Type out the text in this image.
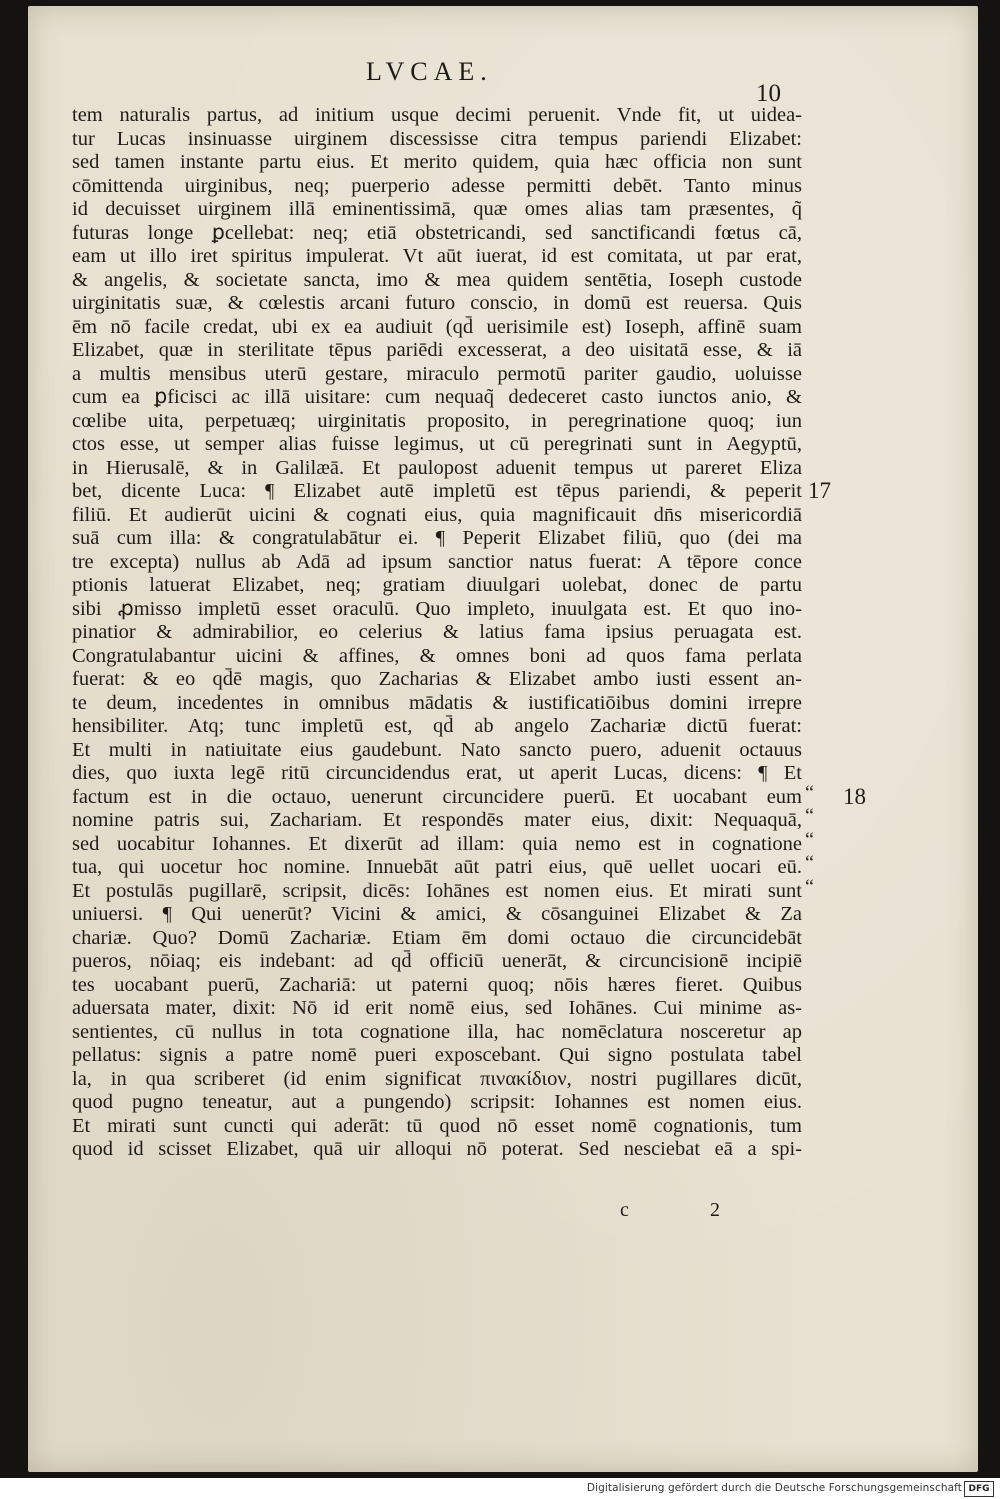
LVCAE.
10
tem naturalis partus, ad initium usque decimi peruenit. Vnde fit, ut uidea-
tur Lucas insinuasse uirginem discessisse citra tempus pariendi Elizabet:
sed tamen instante partu eius. Et merito quidem, quia hæc officia non sunt
cōmittenda uirginibus, neq; puerperio adesse permitti debēt. Tanto minus
id decuisset uirginem illā eminentissimā, quæ omes alias tam præsentes, q̃
futuras longe ꝑcellebat: neq; etiā obstetricandi, sed sanctificandi fœtus cā,
eam ut illo iret spiritus impulerat. Vt aūt iuerat, id est comitata, ut par erat,
& angelis, & societate sancta, imo & mea quidem sentētia, Ioseph custode
uirginitatis suæ, & cœlestis arcani futuro conscio, in domū est reuersa. Quis
ēm nō facile credat, ubi ex ea audiuit (qd̄ uerisimile est) Ioseph, affinē suam
Elizabet, quæ in sterilitate tēpus pariēdi excesserat, a deo uisitatā esse, & iā
a multis mensibus uterū gestare, miraculo permotū pariter gaudio, uoluisse
cum ea ꝑficisci ac illā uisitare: cum nequaq̃ dedeceret casto iunctos anio, &
cœlibe uita, perpetuæq; uirginitatis proposito, in peregrinatione quoq; iun
ctos esse, ut semper alias fuisse legimus, ut cū peregrinati sunt in Aegyptū,
in Hierusalē, & in Galilæā. Et paulopost aduenit tempus ut pareret Eliza
bet, dicente Luca: ¶ Elizabet autē impletū est tēpus pariendi, & peperit
filiū. Et audierūt uicini & cognati eius, quia magnificauit dn̄s misericordiā
suā cum illa: & congratulabātur ei. ¶ Peperit Elizabet filiū, quo (dei ma
tre excepta) nullus ab Adā ad ipsum sanctior natus fuerat: A tēpore conce
ptionis latuerat Elizabet, neq; gratiam diuulgari uolebat, donec de partu
sibi ꝓmisso impletū esset oraculū. Quo impleto, inuulgata est. Et quo ino-
pinatior & admirabilior, eo celerius & latius fama ipsius peruagata est.
Congratulabantur uicini & affines, & omnes boni ad quos fama perlata
fuerat: & eo qd̄ē magis, quo Zacharias & Elizabet ambo iusti essent an-
te deum, incedentes in omnibus mādatis & iustificatiōibus domini irrepre
hensibiliter. Atq; tunc impletū est, qd̄ ab angelo Zachariæ dictū fuerat:
Et multi in natiuitate eius gaudebunt. Nato sancto puero, aduenit octauus
dies, quo iuxta legē ritū circuncidendus erat, ut aperit Lucas, dicens: ¶ Et
factum est in die octauo, uenerunt circuncidere puerū. Et uocabant eum
nomine patris sui, Zachariam. Et respondēs mater eius, dixit: Nequaquā,
sed uocabitur Iohannes. Et dixerūt ad illam: quia nemo est in cognatione
tua, qui uocetur hoc nomine. Innuebāt aūt patri eius, quē uellet uocari eū.
Et postulās pugillarē, scripsit, dicēs: Iohānes est nomen eius. Et mirati sunt
uniuersi. ¶ Qui uenerūt? Vicini & amici, & cōsanguinei Elizabet & Za
chariæ. Quo? Domū Zachariæ. Etiam ēm domi octauo die circuncidebāt
pueros, nōiaq; eis indebant: ad qd̄ officiū uenerāt, & circuncisionē incipiē
tes uocabant puerū, Zachariā: ut paterni quoq; nōis hæres fieret. Quibus
aduersata mater, dixit: Nō id erit nomē eius, sed Iohānes. Cui minime as-
sentientes, cū nullus in tota cognatione illa, hac nomēclatura nosceretur ap
pellatus: signis a patre nomē pueri exposcebant. Qui signo postulata tabel
la, in qua scriberet (id enim significat πινακίδιον, nostri pugillares dicūt,
quod pugno teneatur, aut a pungendo) scripsit: Iohannes est nomen eius.
Et mirati sunt cuncti qui aderāt: tū quod nō esset nomē cognationis, tum
quod id scisset Elizabet, quā uir alloqui nō poterat. Sed nesciebat eā a spi-
17
18
“
“
“
“
“
c	2
Digitalisierung gefördert durch die Deutsche Forschungsgemeinschaft DFG
